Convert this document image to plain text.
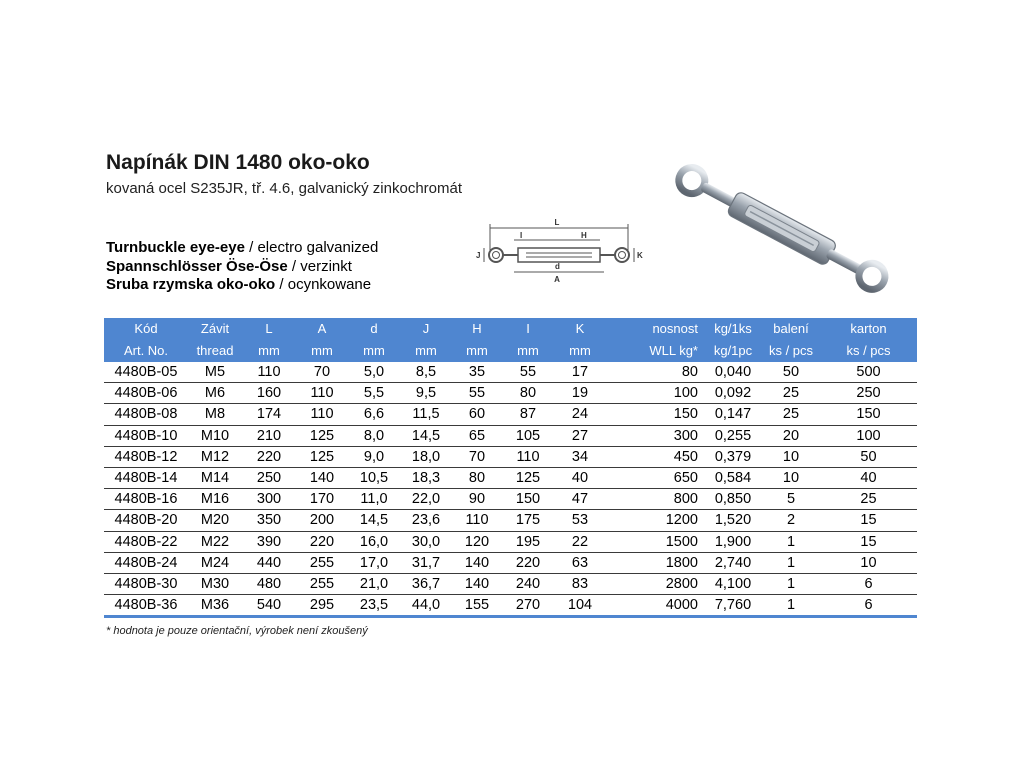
Napínák DIN 1480 oko-oko
kovaná ocel S235JR, tř. 4.6, galvanický zinkochromát
Turnbuckle eye-eye / electro galvanized
Spannschlösser Öse-Öse / verzinkt
Sruba rzymska oko-oko / ocynkowane
L
I	H
J	K
d
A
Kód	Závit	L	A	d	J	H	I	K	nosnost	kg/1ks	balení	karton
Art. No.	thread	mm	mm	mm	mm	mm	mm	mm	WLL kg*	kg/1pc	ks / pcs	ks / pcs
4480B-05	M5	110	70	5,0	8,5	35	55	17	80	0,040	50	500
4480B-06	M6	160	110	5,5	9,5	55	80	19	100	0,092	25	250
4480B-08	M8	174	110	6,6	11,5	60	87	24	150	0,147	25	150
4480B-10	M10	210	125	8,0	14,5	65	105	27	300	0,255	20	100
4480B-12	M12	220	125	9,0	18,0	70	110	34	450	0,379	10	50
4480B-14	M14	250	140	10,5	18,3	80	125	40	650	0,584	10	40
4480B-16	M16	300	170	11,0	22,0	90	150	47	800	0,850	5	25
4480B-20	M20	350	200	14,5	23,6	110	175	53	1200	1,520	2	15
4480B-22	M22	390	220	16,0	30,0	120	195	22	1500	1,900	1	15
4480B-24	M24	440	255	17,0	31,7	140	220	63	1800	2,740	1	10
4480B-30	M30	480	255	21,0	36,7	140	240	83	2800	4,100	1	6
4480B-36	M36	540	295	23,5	44,0	155	270	104	4000	7,760	1	6
* hodnota je pouze orientační, výrobek není zkoušený
